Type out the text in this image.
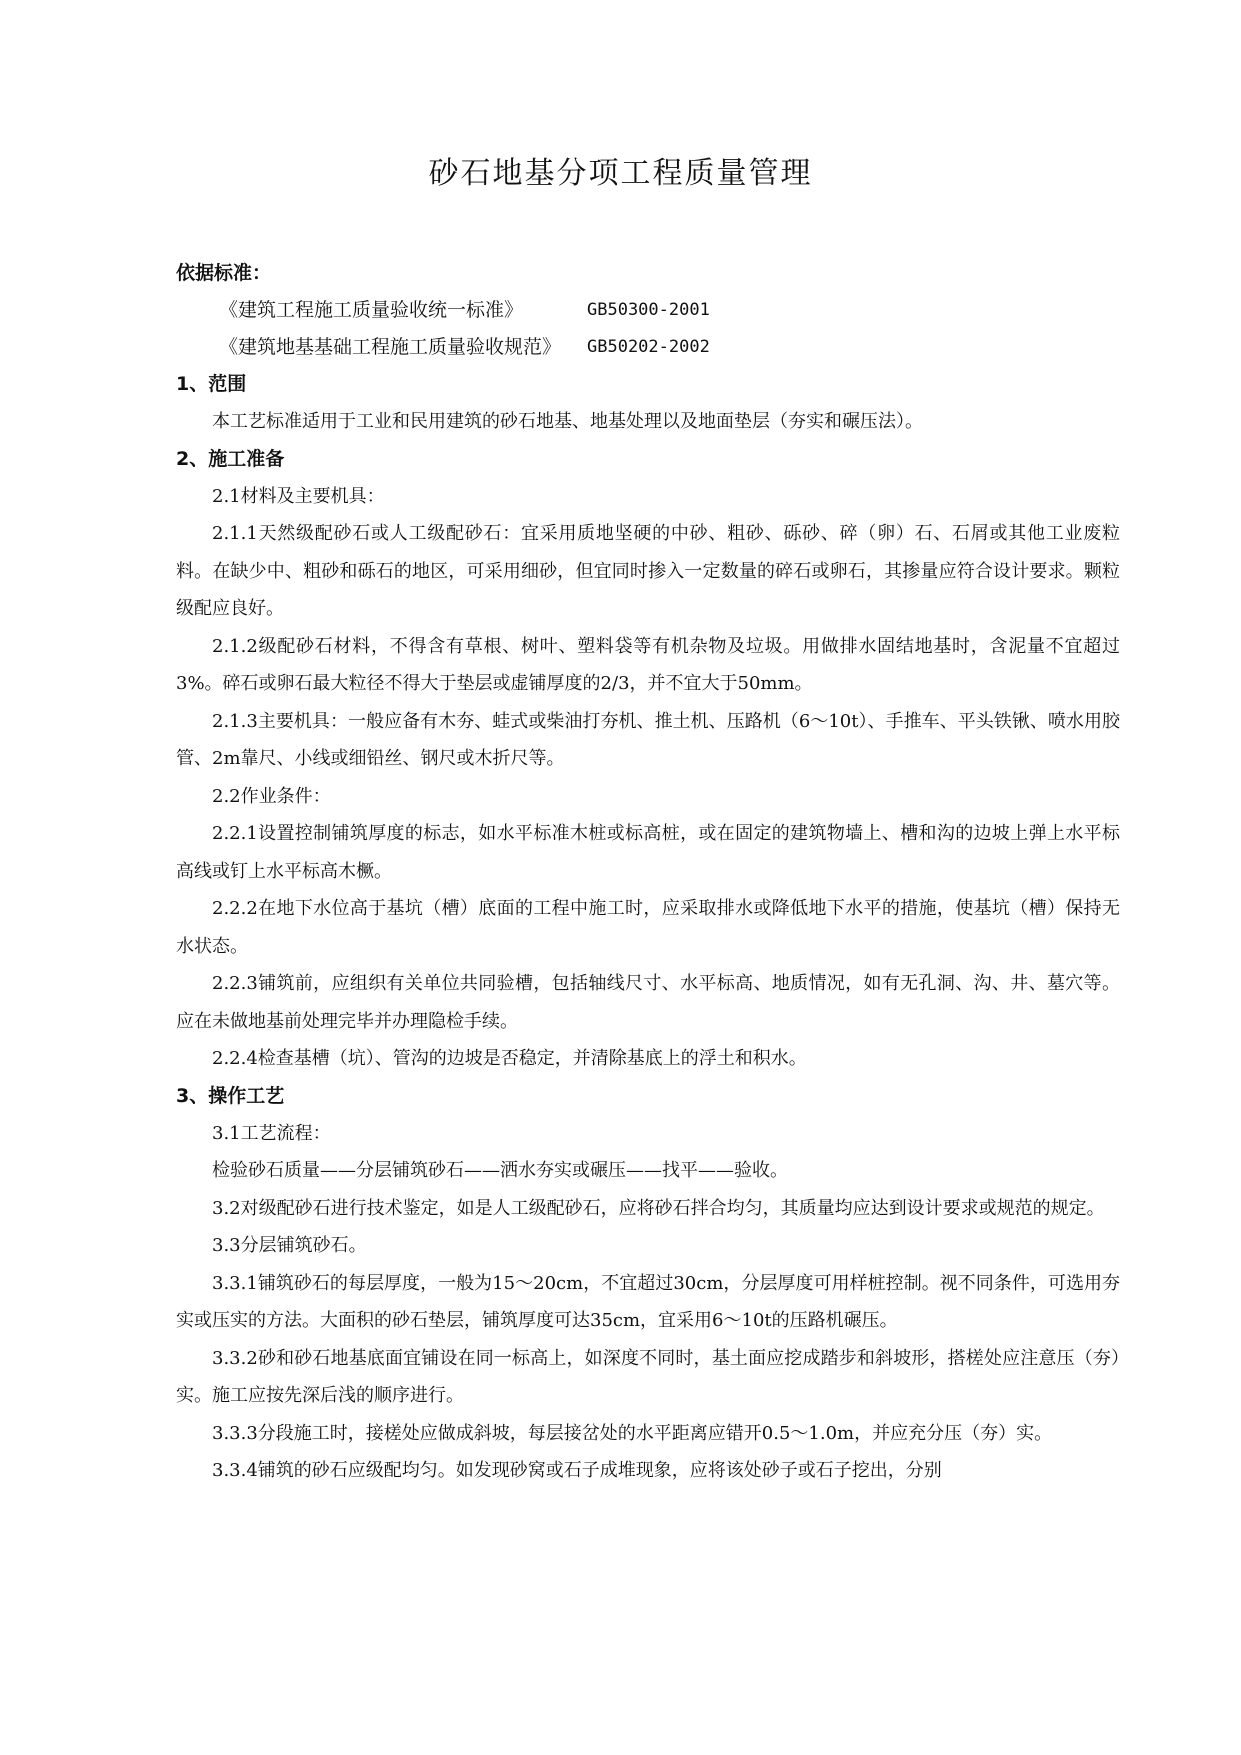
砂石地基分项工程质量管理
依据标准：
《建筑工程施工质量验收统一标准》	GB50300-2001
《建筑地基基础工程施工质量验收规范》 GB50202-2002

1、范围

本工艺标准适用于工业和民用建筑的砂石地基、地基处理以及地面垫层（夯实和碾压法）。

2、施工准备

2.1材料及主要机具：

2.1.1天然级配砂石或人工级配砂石：宜采用质地坚硬的中砂、粗砂、砾砂、碎（卵）石、石屑或其他工业废粒料。在缺少中、粗砂和砾石的地区，可采用细砂，但宜同时掺入一定数量的碎石或卵石，其掺量应符合设计要求。颗粒级配应良好。

2.1.2级配砂石材料，不得含有草根、树叶、塑料袋等有机杂物及垃圾。用做排水固结地基时，含泥量不宜超过3%。碎石或卵石最大粒径不得大于垫层或虚铺厚度的2/3，并不宜大于50mm。

2.1.3主要机具：一般应备有木夯、蛙式或柴油打夯机、推土机、压路机（6～10t）、手推车、平头铁锹、喷水用胶管、2m靠尺、小线或细铅丝、钢尺或木折尺等。

2.2作业条件：

2.2.1设置控制铺筑厚度的标志，如水平标准木桩或标高桩，或在固定的建筑物墙上、槽和沟的边坡上弹上水平标高线或钉上水平标高木橛。

2.2.2在地下水位高于基坑（槽）底面的工程中施工时，应采取排水或降低地下水平的措施，使基坑（槽）保持无水状态。

2.2.3铺筑前，应组织有关单位共同验槽，包括轴线尺寸、水平标高、地质情况，如有无孔洞、沟、井、墓穴等。应在未做地基前处理完毕并办理隐检手续。

2.2.4检查基槽（坑）、管沟的边坡是否稳定，并清除基底上的浮土和积水。

3、操作工艺

3.1工艺流程：

检验砂石质量——分层铺筑砂石——洒水夯实或碾压——找平——验收。

3.2对级配砂石进行技术鉴定，如是人工级配砂石，应将砂石拌合均匀，其质量均应达到设计要求或规范的规定。

3.3分层铺筑砂石。

3.3.1铺筑砂石的每层厚度，一般为15～20cm，不宜超过30cm，分层厚度可用样桩控制。视不同条件，可选用夯实或压实的方法。大面积的砂石垫层，铺筑厚度可达35cm，宜采用6～10t的压路机碾压。

3.3.2砂和砂石地基底面宜铺设在同一标高上，如深度不同时，基土面应挖成踏步和斜坡形，搭槎处应注意压（夯）实。施工应按先深后浅的顺序进行。

3.3.3分段施工时，接槎处应做成斜坡，每层接岔处的水平距离应错开0.5～1.0m，并应充分压（夯）实。

3.3.4铺筑的砂石应级配均匀。如发现砂窝或石子成堆现象，应将该处砂子或石子挖出，分别
